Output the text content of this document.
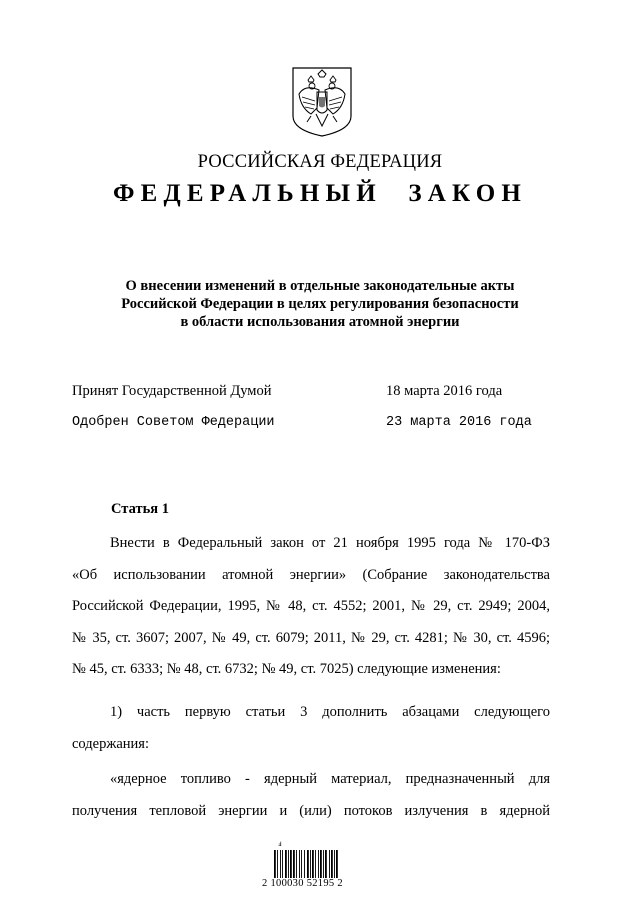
РОССИЙСКАЯ ФЕДЕРАЦИЯ
ФЕДЕРАЛЬНЫЙ ЗАКОН
О внесении изменений в отдельные законодательные акты
Российской Федерации в целях регулирования безопасности
в области использования атомной энергии
Принят Государственной Думой	18 марта 2016 года
Одобрен Советом Федерации	23 марта 2016 года
Статья 1
Внести в Федеральный закон от 21 ноября 1995 года № 170-ФЗ
«Об использовании атомной энергии» (Собрание законодательства
Российской Федерации, 1995, № 48, ст. 4552; 2001, № 29, ст. 2949; 2004,
№ 35, ст. 3607; 2007, № 49, ст. 6079; 2011, № 29, ст. 4281; № 30, ст. 4596;
№ 45, ст. 6333; № 48, ст. 6732; № 49, ст. 7025) следующие изменения:
1) часть первую статьи 3 дополнить абзацами следующего
содержания:
«ядерное топливо - ядерный материал, предназначенный для
получения тепловой энергии и (или) потоков излучения в ядерной
Ⅎ
2 100030 52195 2
